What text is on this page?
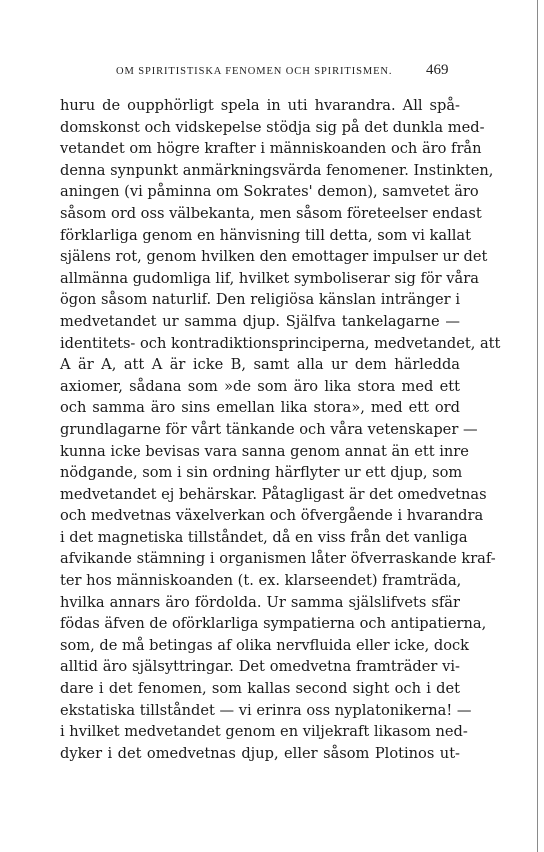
OM SPIRITISTISKA FENOMEN OCH SPIRITISMEN.	469
huru de oupphörligt spela in uti hvarandra. All spå-
domskonst och vidskepelse stödja sig på det dunkla med-
vetandet om högre krafter i människoanden och äro från
denna synpunkt anmärkningsvärda fenomener. Instinkten,
aningen (vi påminna om Sokrates' demon), samvetet äro
såsom ord oss välbekanta, men såsom företeelser endast
förklarliga genom en hänvisning till detta, som vi kallat
själens rot, genom hvilken den emottager impulser ur det
allmänna gudomliga lif, hvilket symboliserar sig för våra
ögon såsom naturlif. Den religiösa känslan intränger i
medvetandet ur samma djup. Själfva tankelagarne —
identitets- och kontradiktionsprinciperna, medvetandet, att
A är A, att A är icke B, samt alla ur dem härledda
axiomer, sådana som »de som äro lika stora med ett
och samma äro sins emellan lika stora», med ett ord
grundlagarne för vårt tänkande och våra vetenskaper —
kunna icke bevisas vara sanna genom annat än ett inre
nödgande, som i sin ordning härflyter ur ett djup, som
medvetandet ej behärskar. Påtagligast är det omedvetnas
och medvetnas växelverkan och öfvergående i hvarandra
i det magnetiska tillståndet, då en viss från det vanliga
afvikande stämning i organismen låter öfverraskande kraf-
ter hos människoanden (t. ex. klarseendet) framträda,
hvilka annars äro fördolda. Ur samma själslifvets sfär
födas äfven de oförklarliga sympatierna och antipatierna,
som, de må betingas af olika nervfluida eller icke, dock
alltid äro själsyttringar. Det omedvetna framträder vi-
dare i det fenomen, som kallas second sight och i det
ekstatiska tillståndet — vi erinra oss nyplatonikerna! —
i hvilket medvetandet genom en viljekraft likasom ned-
dyker i det omedvetnas djup, eller såsom Plotinos ut-
